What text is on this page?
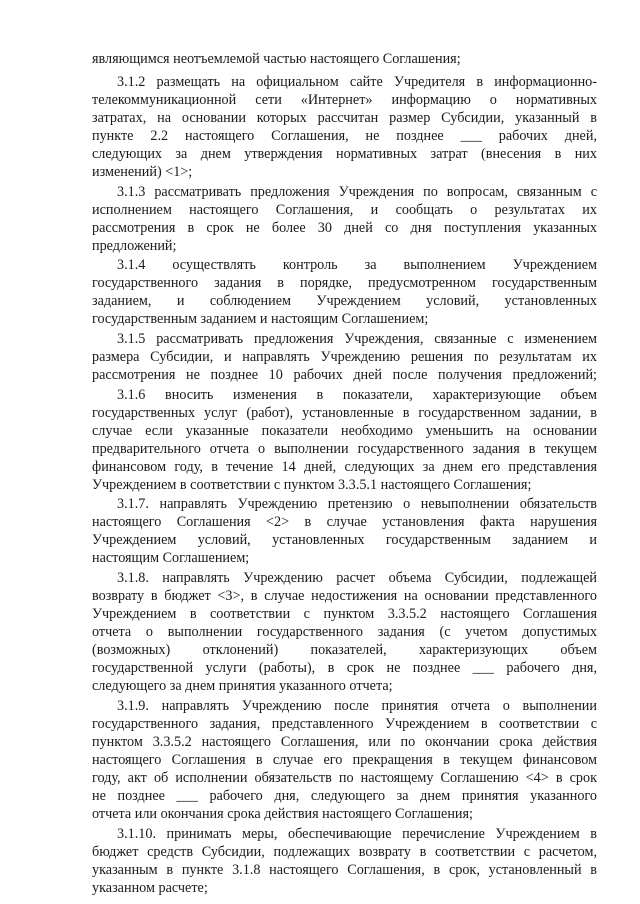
являющимся неотъемлемой частью настоящего Соглашения;
3.1.2 размещать на официальном сайте Учредителя в информационно-
телекоммуникационной сети «Интернет» информацию о нормативных
затратах, на основании которых рассчитан размер Субсидии, указанный в
пункте 2.2 настоящего Соглашения, не позднее ___ рабочих дней,
следующих за днем утверждения нормативных затрат (внесения в них
изменений) <1>;
3.1.3 рассматривать предложения Учреждения по вопросам, связанным с
исполнением настоящего Соглашения, и сообщать о результатах их
рассмотрения в срок не более 30 дней со дня поступления указанных
предложений;
3.1.4 осуществлять контроль за выполнением Учреждением
государственного задания в порядке, предусмотренном государственным
заданием, и соблюдением Учреждением условий, установленных
государственным заданием и настоящим Соглашением;
3.1.5 рассматривать предложения Учреждения, связанные с изменением
размера Субсидии, и направлять Учреждению решения по результатам их
рассмотрения не позднее 10 рабочих дней после получения предложений;
3.1.6 вносить изменения в показатели, характеризующие объем
государственных услуг (работ), установленные в государственном задании, в
случае если указанные показатели необходимо уменьшить на основании
предварительного отчета о выполнении государственного задания в текущем
финансовом году, в течение 14 дней, следующих за днем его представления
Учреждением в соответствии с пунктом 3.3.5.1 настоящего Соглашения;
3.1.7. направлять Учреждению претензию о невыполнении обязательств
настоящего Соглашения <2> в случае установления факта нарушения
Учреждением условий, установленных государственным заданием и
настоящим Соглашением;
3.1.8. направлять Учреждению расчет объема Субсидии, подлежащей
возврату в бюджет <3>, в случае недостижения на основании представленного
Учреждением в соответствии с пунктом 3.3.5.2 настоящего Соглашения
отчета о выполнении государственного задания (с учетом допустимых
(возможных) отклонений) показателей, характеризующих объем
государственной услуги (работы), в срок не позднее ___ рабочего дня,
следующего за днем принятия указанного отчета;
3.1.9. направлять Учреждению после принятия отчета о выполнении
государственного задания, представленного Учреждением в соответствии с
пунктом 3.3.5.2 настоящего Соглашения, или по окончании срока действия
настоящего Соглашения в случае его прекращения в текущем финансовом
году, акт об исполнении обязательств по настоящему Соглашению <4> в срок
не позднее ___ рабочего дня, следующего за днем принятия указанного
отчета или окончания срока действия настоящего Соглашения;
3.1.10. принимать меры, обеспечивающие перечисление Учреждением в
бюджет средств Субсидии, подлежащих возврату в соответствии с расчетом,
указанным в пункте 3.1.8 настоящего Соглашения, в срок, установленный в
указанном расчете;
